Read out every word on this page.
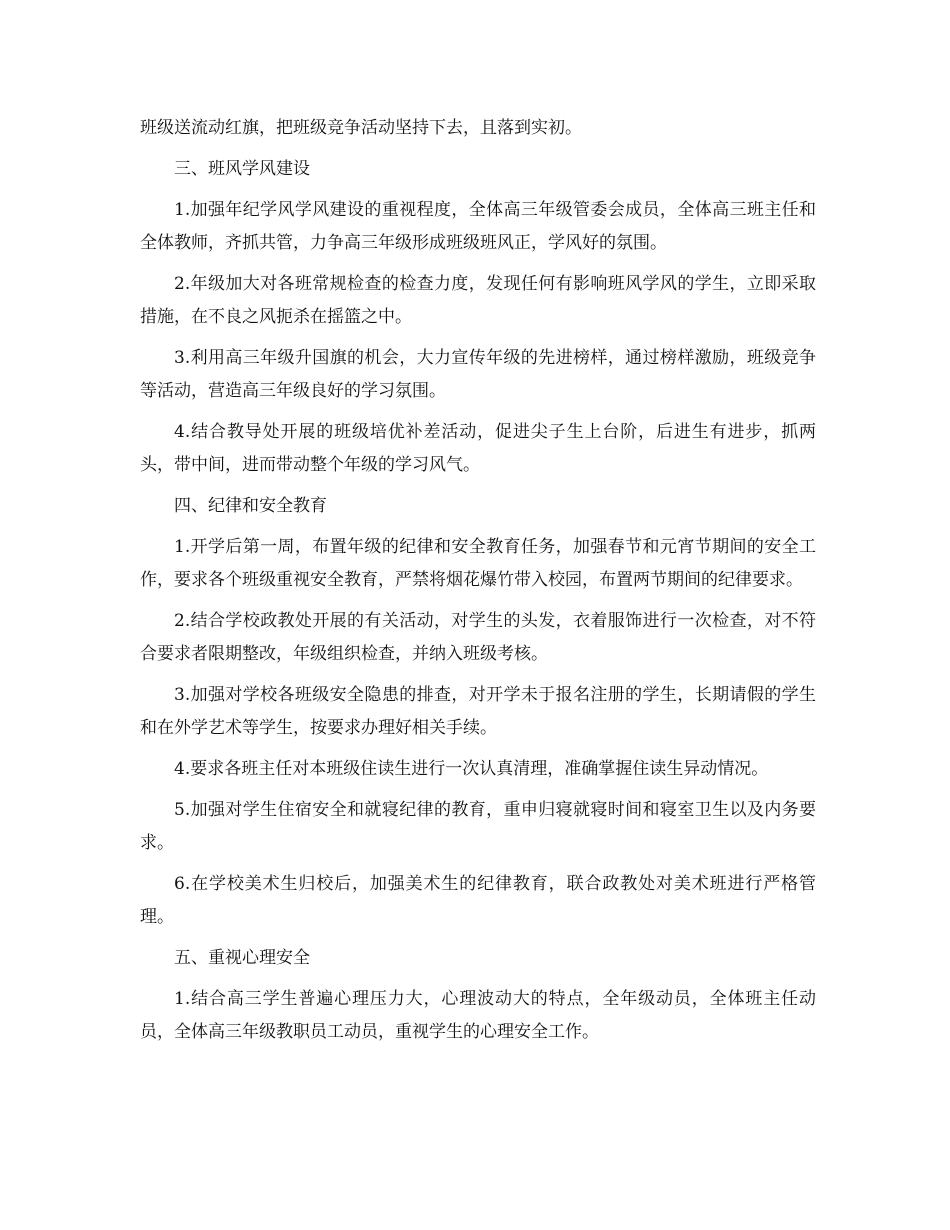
班级送流动红旗，把班级竞争活动坚持下去，且落到实初。

三、班风学风建设

1.加强年纪学风学风建设的重视程度，全体高三年级管委会成员，全体高三班主任和全体教师，齐抓共管，力争高三年级形成班级班风正，学风好的氛围。

2.年级加大对各班常规检查的检查力度，发现任何有影响班风学风的学生，立即采取措施，在不良之风扼杀在摇篮之中。

3.利用高三年级升国旗的机会，大力宣传年级的先进榜样，通过榜样激励，班级竞争等活动，营造高三年级良好的学习氛围。

4.结合教导处开展的班级培优补差活动，促进尖子生上台阶，后进生有进步，抓两头，带中间，进而带动整个年级的学习风气。

四、纪律和安全教育

1.开学后第一周，布置年级的纪律和安全教育任务，加强春节和元宵节期间的安全工作，要求各个班级重视安全教育，严禁将烟花爆竹带入校园，布置两节期间的纪律要求。

2.结合学校政教处开展的有关活动，对学生的头发，衣着服饰进行一次检查，对不符合要求者限期整改，年级组织检查，并纳入班级考核。

3.加强对学校各班级安全隐患的排查，对开学未于报名注册的学生，长期请假的学生和在外学艺术等学生，按要求办理好相关手续。

4.要求各班主任对本班级住读生进行一次认真清理，准确掌握住读生异动情况。

5.加强对学生住宿安全和就寝纪律的教育，重申归寝就寝时间和寝室卫生以及内务要求。

6.在学校美术生归校后，加强美术生的纪律教育，联合政教处对美术班进行严格管理。

五、重视心理安全

1.结合高三学生普遍心理压力大，心理波动大的特点，全年级动员，全体班主任动员，全体高三年级教职员工动员，重视学生的心理安全工作。
